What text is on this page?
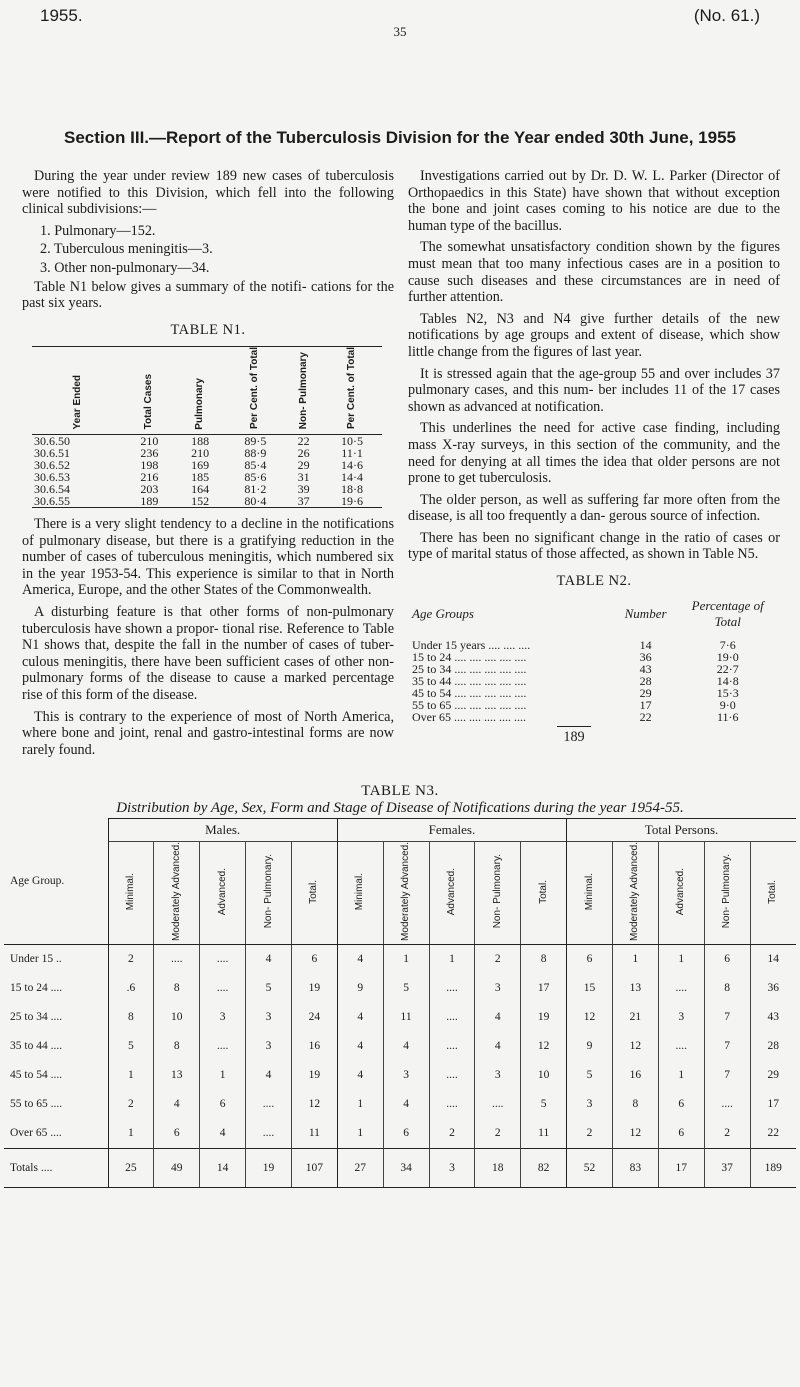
1955.	(No. 61.)
35
Section III.—Report of the Tuberculosis Division for the Year ended 30th June, 1955

During the year under review 189 new cases of tuberculosis were notified to this Division, which fell into the following clinical subdivisions:—

1. Pulmonary—152.
2. Tuberculous meningitis—3.
3. Other non-pulmonary—34.

Table N1 below gives a summary of the notifi- cations for the past six years.

TABLE N1.
Year Ended	Total Cases	Pulmonary	Per Cent. of Total	Non- Pulmonary	Per Cent. of Total
30.6.50	210	188	89·5	22	10·5
30.6.51	236	210	88·9	26	11·1
30.6.52	198	169	85·4	29	14·6
30.6.53	216	185	85·6	31	14·4
30.6.54	203	164	81·2	39	18·8
30.6.55	189	152	80·4	37	19·6

There is a very slight tendency to a decline in the notifications of pulmonary disease, but there is a gratifying reduction in the number of cases of tuberculous meningitis, which numbered six in the year 1953-54. This experience is similar to that in North America, Europe, and the other States of the Commonwealth.

A disturbing feature is that other forms of non-pulmonary tuberculosis have shown a propor- tional rise. Reference to Table N1 shows that, despite the fall in the number of cases of tuber- culous meningitis, there have been sufficient cases of other non-pulmonary forms of the disease to cause a marked percentage rise of this form of the disease.

This is contrary to the experience of most of North America, where bone and joint, renal and gastro-intestinal forms are now rarely found.

Investigations carried out by Dr. D. W. L. Parker (Director of Orthopaedics in this State) have shown that without exception the bone and joint cases coming to his notice are due to the human type of the bacillus.

The somewhat unsatisfactory condition shown by the figures must mean that too many infectious cases are in a position to cause such diseases and these circumstances are in need of further attention.

Tables N2, N3 and N4 give further details of the new notifications by age groups and extent of disease, which show little change from the figures of last year.

It is stressed again that the age-group 55 and over includes 37 pulmonary cases, and this num- ber includes 11 of the 17 cases shown as advanced at notification.

This underlines the need for active case finding, including mass X-ray surveys, in this section of the community, and the need for denying at all times the idea that older persons are not prone to get tuberculosis.

The older person, as well as suffering far more often from the disease, is all too frequently a dan- gerous source of infection.

There has been no significant change in the ratio of cases or type of marital status of those affected, as shown in Table N5.

TABLE N2.
Age Groups	Number	Percentage of Total
Under 15 years .... .... ....	14	7·6
15 to 24 .... .... .... .... ....	36	19·0
25 to 34 .... .... .... .... ....	43	22·7
35 to 44 .... .... .... .... ....	28	14·8
45 to 54 .... .... .... .... ....	29	15·3
55 to 65 .... .... .... .... ....	17	9·0
Over 65 .... .... .... .... ....	22	11·6
189
TABLE N3.
Distribution by Age, Sex, Form and Stage of Disease of Notifications during the year 1954-55.
Age Group.	Males.					Females.					Total Persons.				
	Minimal.	Moderately Advanced.	Advanced.	Non- Pulmonary.	Total.	Minimal.	Moderately Advanced.	Advanced.	Non- Pulmonary.	Total.	Minimal.	Moderately Advanced.	Advanced.	Non- Pulmonary.	Total.
Under 15 ..	2	....	....	4	6	4	1	1	2	8	6	1	1	6	14
15 to 24 ....	.6	8	....	5	19	9	5	....	3	17	15	13	....	8	36
25 to 34 ....	8	10	3	3	24	4	11	....	4	19	12	21	3	7	43
35 to 44 ....	5	8	....	3	16	4	4	....	4	12	9	12	....	7	28
45 to 54 ....	1	13	1	4	19	4	3	....	3	10	5	16	1	7	29
55 to 65 ....	2	4	6	....	12	1	4	....	....	5	3	8	6	....	17
Over 65 ....	1	6	4	....	11	1	6	2	2	11	2	12	6	2	22
Totals ....	25	49	14	19	107	27	34	3	18	82	52	83	17	37	189
